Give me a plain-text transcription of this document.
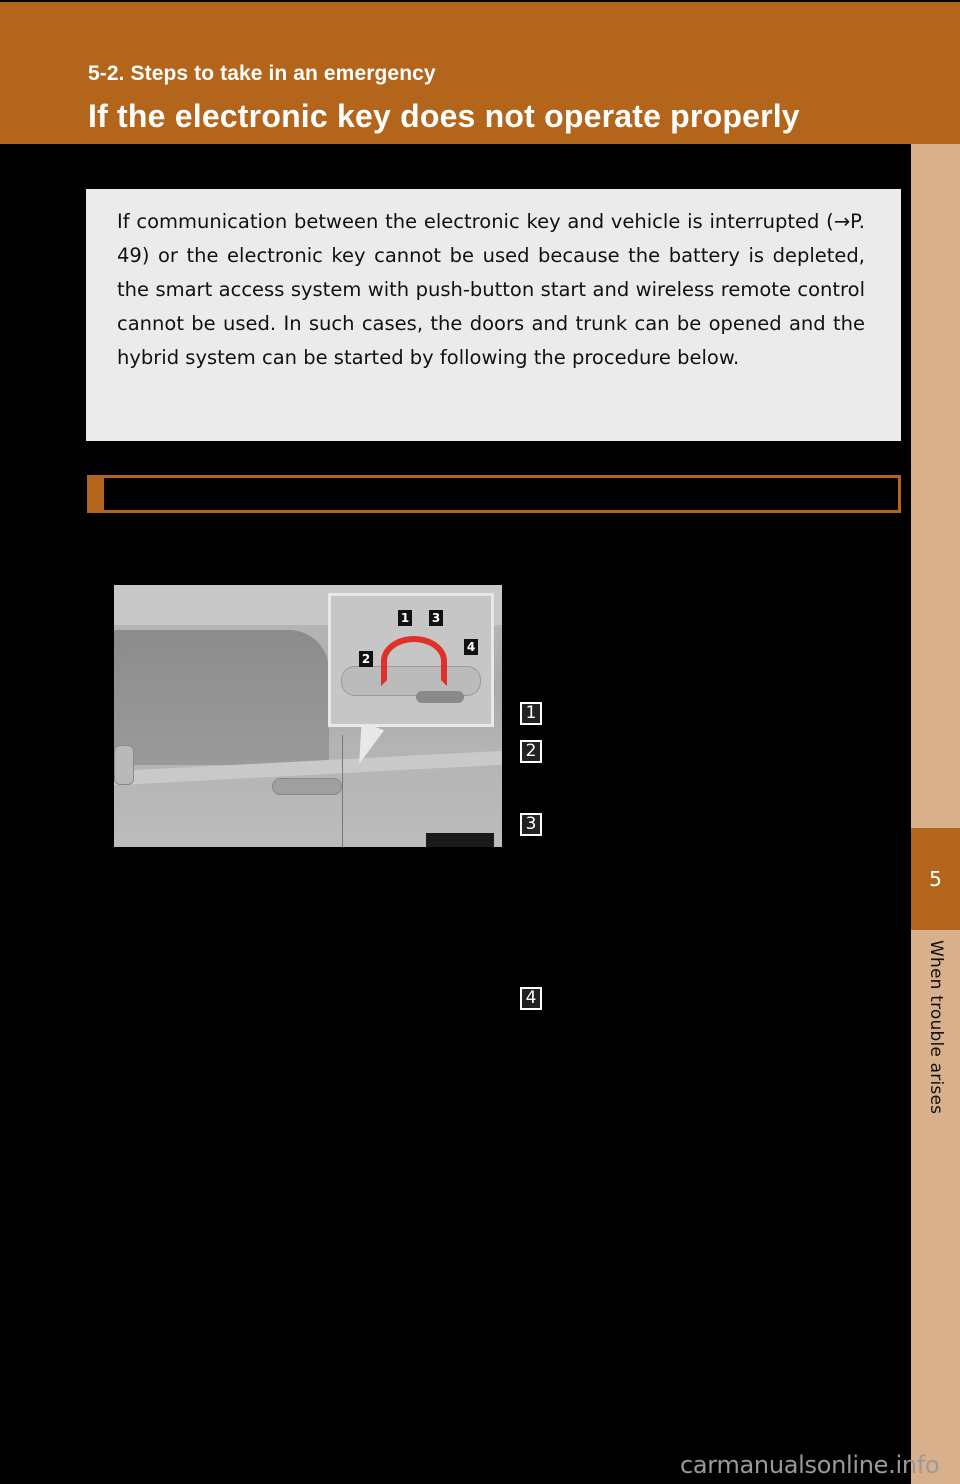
5-2. Steps to take in an emergency
If the electronic key does not operate properly
5
When trouble arises

If communication between the electronic key and vehicle is interrupted (→P. 49) or the electronic key cannot be used because the battery is depleted, the smart access system with push-button start and wireless remote control cannot be used. In such cases, the doors and trunk can be opened and the hybrid system can be started by following the procedure below.

1
2
3
4
1
2
3
4
carmanualsonline.info
